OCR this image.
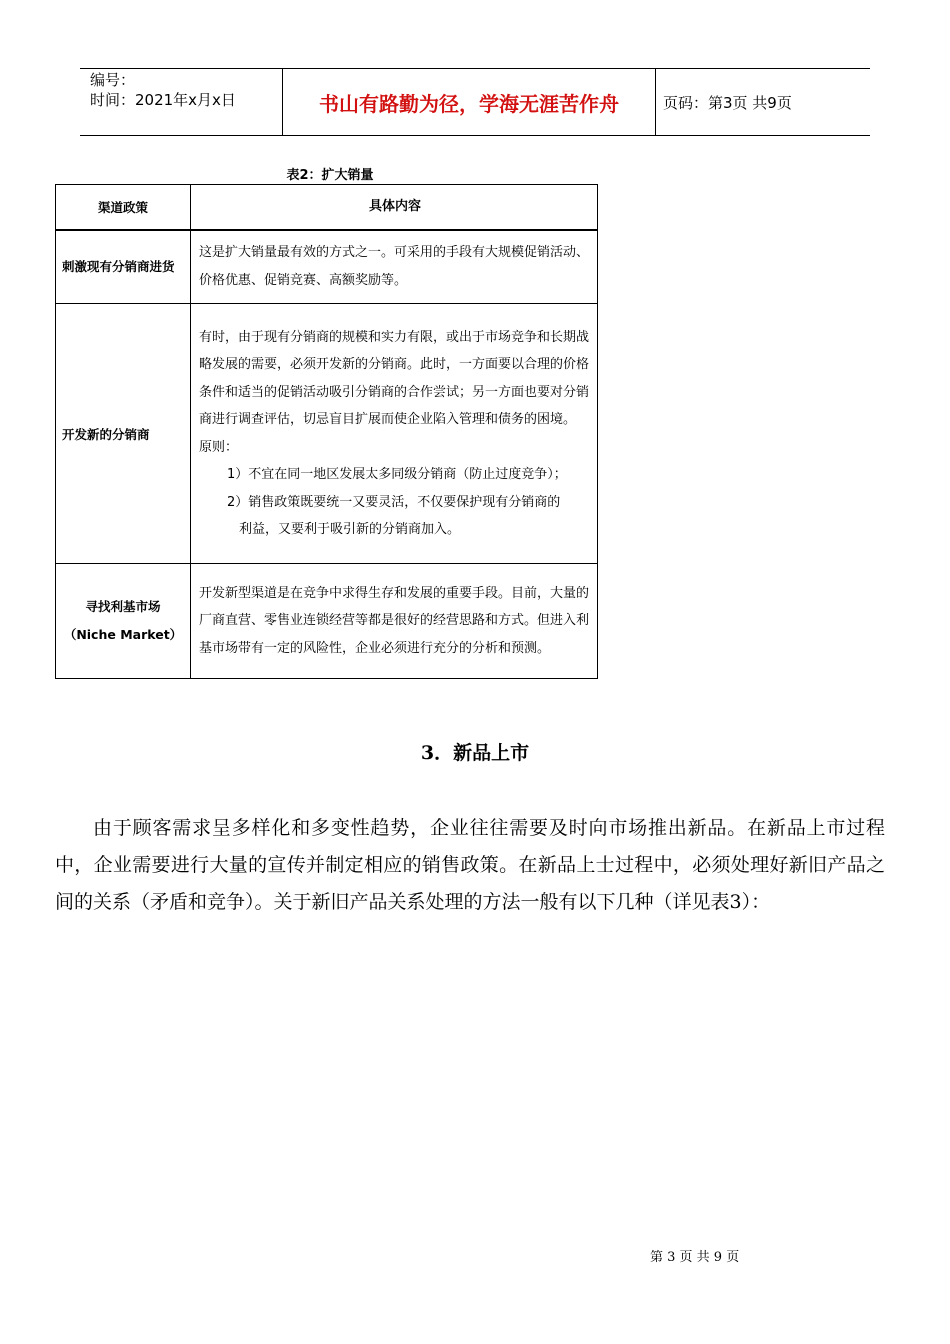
编号：
时间：2021年x月x日	书山有路勤为径，学海无涯苦作舟	页码：第3页 共9页
表2：扩大销量
渠道政策	具体内容
刺激现有分销商进货	这是扩大销量最有效的方式之一。可采用的手段有大规模促销活动、价格优惠、促销竞赛、高额奖励等。
开发新的分销商	有时，由于现有分销商的规模和实力有限，或出于市场竞争和长期战略发展的需要，必须开发新的分销商。此时，一方面要以合理的价格条件和适当的促销活动吸引分销商的合作尝试；另一方面也要对分销商进行调查评估，切忌盲目扩展而使企业陷入管理和债务的困境。
原则：
1）不宜在同一地区发展太多同级分销商（防止过度竞争）；
2）销售政策既要统一又要灵活，不仅要保护现有分销商的
利益，又要利于吸引新的分销商加入。

寻找利基市场
（Niche Market）	开发新型渠道是在竞争中求得生存和发展的重要手段。目前，大量的厂商直营、零售业连锁经营等都是很好的经营思路和方式。但进入利基市场带有一定的风险性，企业必须进行充分的分析和预测。
3．新品上市

由于顾客需求呈多样化和多变性趋势，企业往往需要及时向市场推出新品。在新品上市过程中，企业需要进行大量的宣传并制定相应的销售政策。在新品上士过程中，必须处理好新旧产品之间的关系（矛盾和竞争）。关于新旧产品关系处理的方法一般有以下几种（详见表3）：

第 3 页 共 9 页
